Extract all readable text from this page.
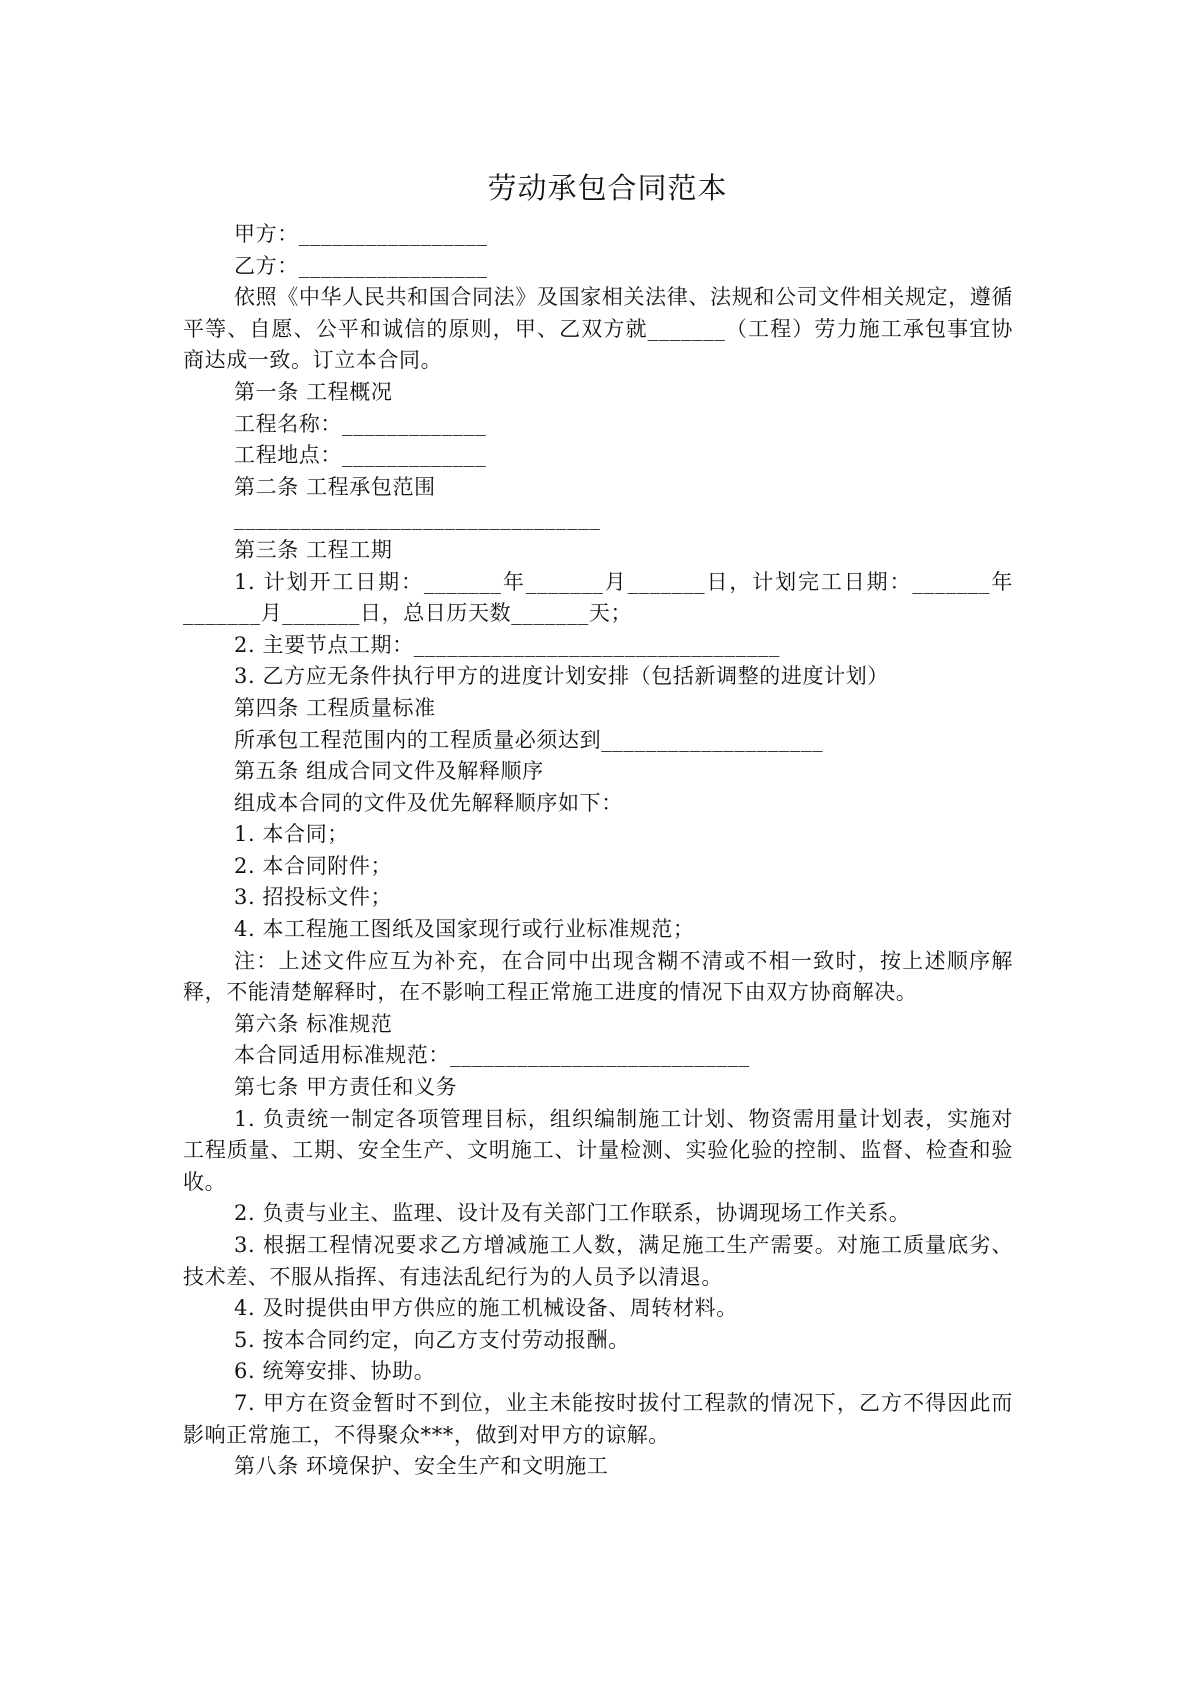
劳动承包合同范本
甲方：_________________
乙方：_________________
依照《中华人民共和国合同法》及国家相关法律、法规和公司文件相关规定，遵循平等、自愿、公平和诚信的原则，甲、乙双方就_______（工程）劳力施工承包事宜协商达成一致。订立本合同。
第一条 工程概况
工程名称：_____________
工程地点：_____________
第二条 工程承包范围
_________________________________
第三条 工程工期
1. 计划开工日期：_______年_______月_______日，计划完工日期：_______年_______月_______日，总日历天数_______天；
2. 主要节点工期：_________________________________
3. 乙方应无条件执行甲方的进度计划安排（包括新调整的进度计划）
第四条 工程质量标准
所承包工程范围内的工程质量必须达到____________________
第五条 组成合同文件及解释顺序
组成本合同的文件及优先解释顺序如下：
1. 本合同；
2. 本合同附件；
3. 招投标文件；
4. 本工程施工图纸及国家现行或行业标准规范；
注：上述文件应互为补充，在合同中出现含糊不清或不相一致时，按上述顺序解释，不能清楚解释时，在不影响工程正常施工进度的情况下由双方协商解决。
第六条 标准规范
本合同适用标准规范：___________________________
第七条 甲方责任和义务
1. 负责统一制定各项管理目标，组织编制施工计划、物资需用量计划表，实施对工程质量、工期、安全生产、文明施工、计量检测、实验化验的控制、监督、检查和验收。
2. 负责与业主、监理、设计及有关部门工作联系，协调现场工作关系。
3. 根据工程情况要求乙方增减施工人数，满足施工生产需要。对施工质量底劣、技术差、不服从指挥、有违法乱纪行为的人员予以清退。
4. 及时提供由甲方供应的施工机械设备、周转材料。
5. 按本合同约定，向乙方支付劳动报酬。
6. 统筹安排、协助。
7. 甲方在资金暂时不到位，业主未能按时拔付工程款的情况下，乙方不得因此而影响正常施工，不得聚众***，做到对甲方的谅解。
第八条 环境保护、安全生产和文明施工
